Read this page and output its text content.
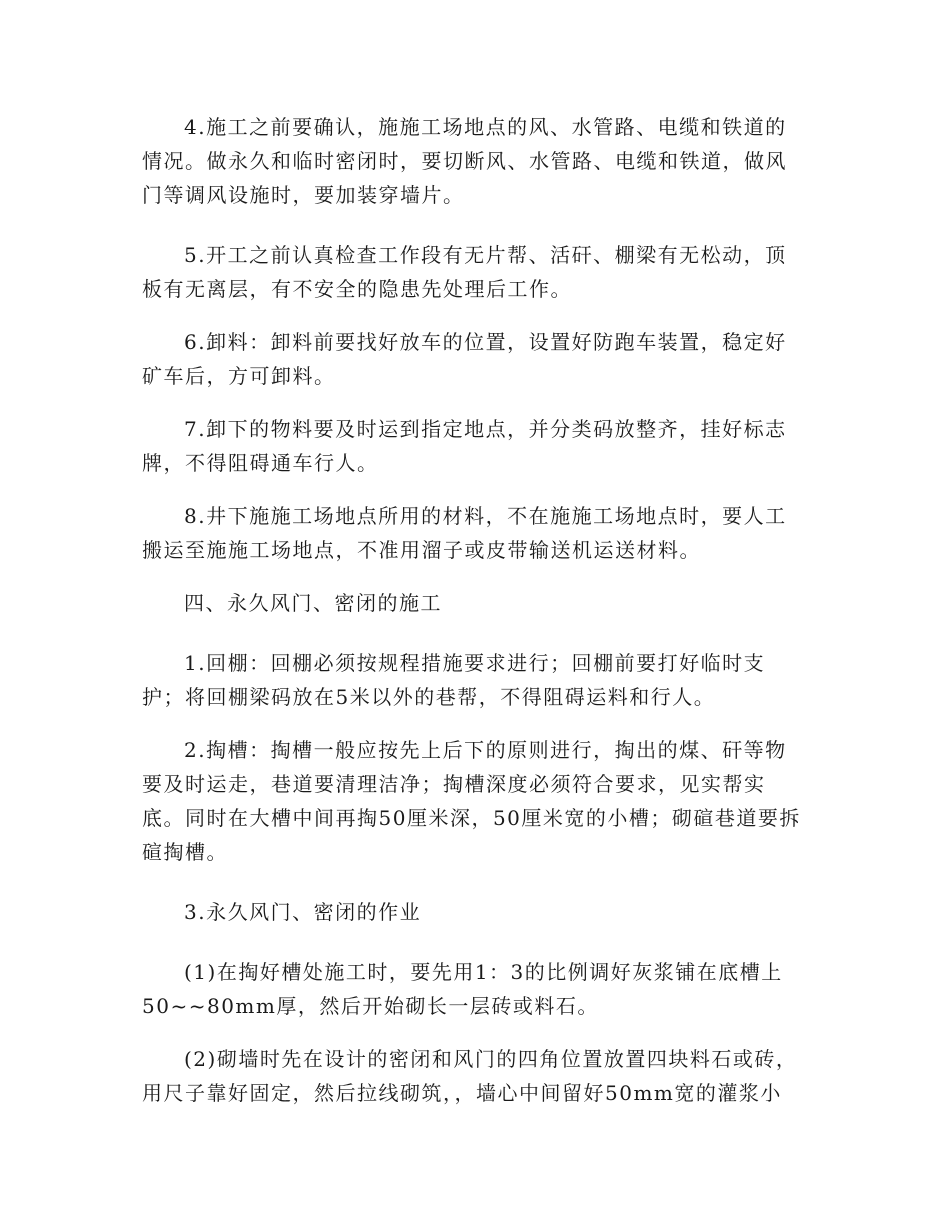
4.施工之前要确认，施施工场地点的风、水管路、电缆和铁道的
情况。做永久和临时密闭时，要切断风、水管路、电缆和铁道，做风
门等调风设施时，要加装穿墙片。
5.开工之前认真检查工作段有无片帮、活矸、棚梁有无松动，顶
板有无离层，有不安全的隐患先处理后工作。
6.卸料：卸料前要找好放车的位置，设置好防跑车装置，稳定好
矿车后，方可卸料。
7.卸下的物料要及时运到指定地点，并分类码放整齐，挂好标志
牌，不得阻碍通车行人。
8.井下施施工场地点所用的材料，不在施施工场地点时，要人工
搬运至施施工场地点，不准用溜子或皮带输送机运送材料。
四、永久风门、密闭的施工
1.回棚：回棚必须按规程措施要求进行；回棚前要打好临时支
护；将回棚梁码放在5米以外的巷帮，不得阻碍运料和行人。
2.掏槽：掏槽一般应按先上后下的原则进行，掏出的煤、矸等物
要及时运走，巷道要清理洁净；掏槽深度必须符合要求，见实帮实
底。同时在大槽中间再掏50厘米深，50厘米宽的小槽；砌碹巷道要拆
碹掏槽。
3.永久风门、密闭的作业
(1)在掏好槽处施工时，要先用1：3的比例调好灰浆铺在底槽上
50~~80mm厚，然后开始砌长一层砖或料石。
(2)砌墙时先在设计的密闭和风门的四角位置放置四块料石或砖，
用尺子靠好固定，然后拉线砌筑，，墙心中间留好50mm宽的灌浆小
